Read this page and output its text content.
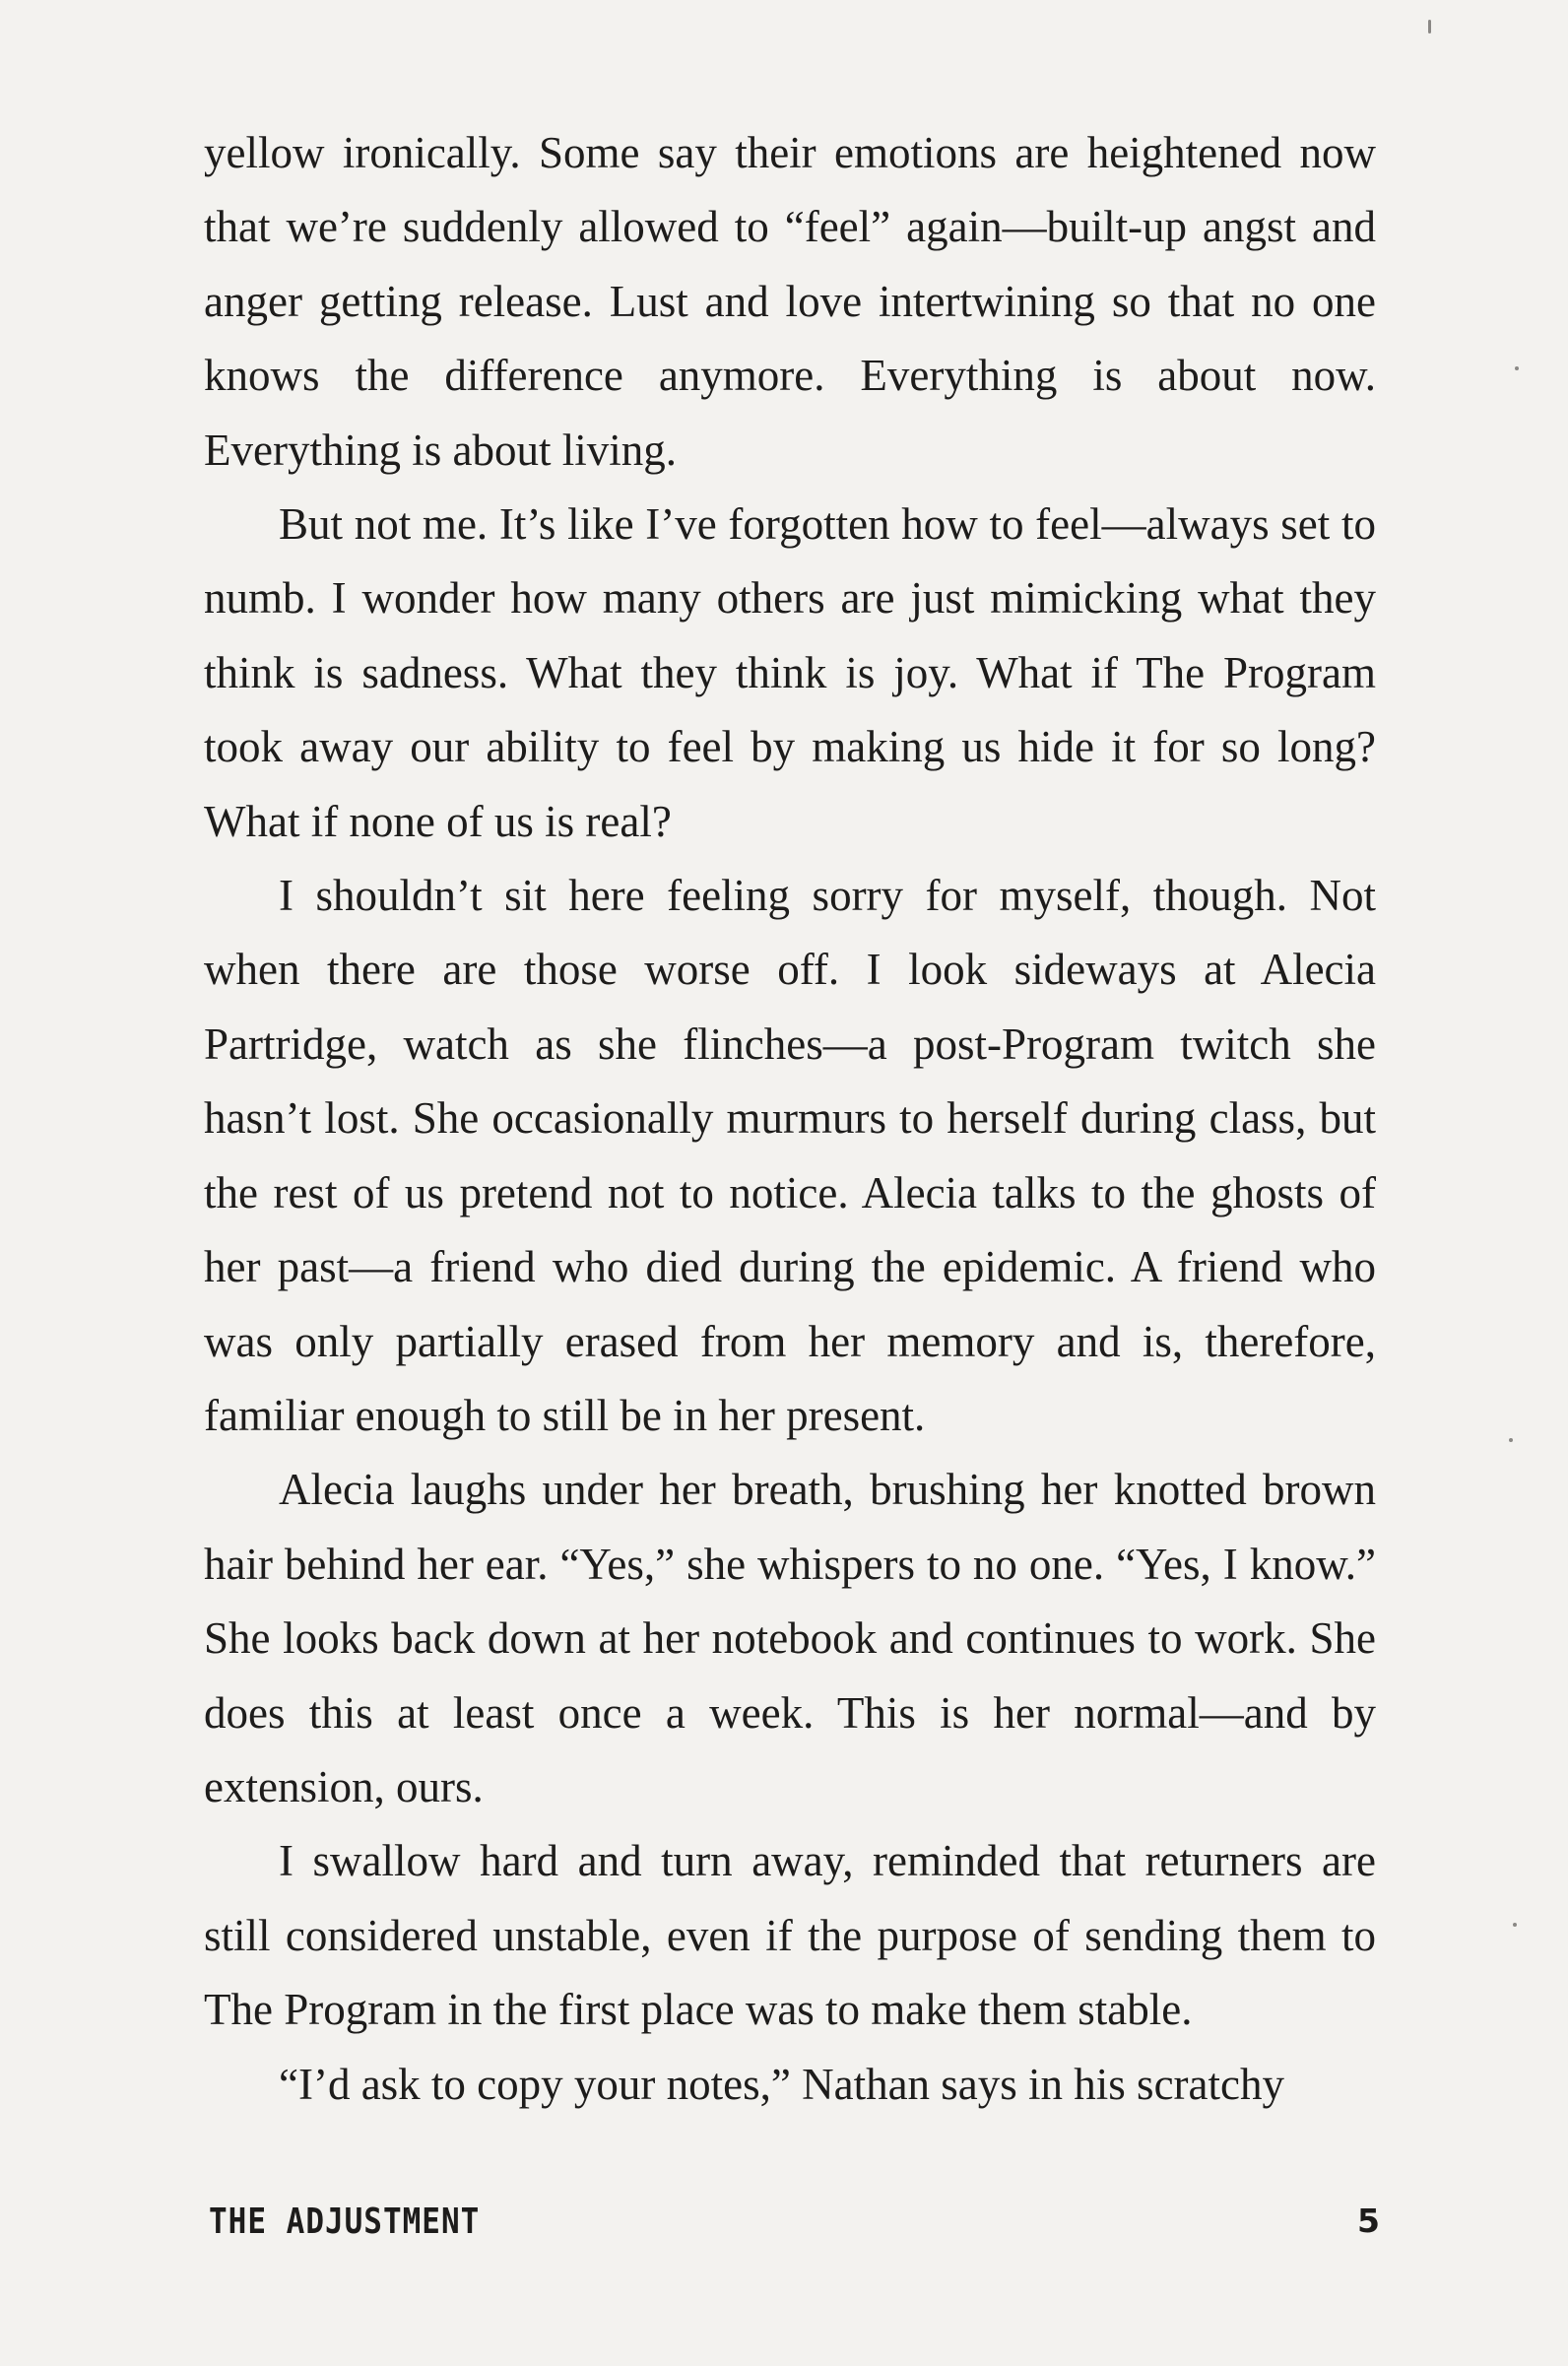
yellow ironically. Some say their emotions are heightened now that we’re suddenly allowed to “feel” again—built-up angst and anger getting release. Lust and love intertwining so that no one knows the difference anymore. Everything is about now. Everything is about living.

But not me. It’s like I’ve forgotten how to feel—always set to numb. I wonder how many others are just mimicking what they think is sadness. What they think is joy. What if The Program took away our ability to feel by making us hide it for so long? What if none of us is real?

I shouldn’t sit here feeling sorry for myself, though. Not when there are those worse off. I look sideways at Alecia Partridge, watch as she flinches—a post-Program twitch she hasn’t lost. She occasionally murmurs to herself during class, but the rest of us pretend not to notice. Alecia talks to the ghosts of her past—a friend who died during the epidemic. A friend who was only partially erased from her memory and is, therefore, familiar enough to still be in her present.

Alecia laughs under her breath, brushing her knotted brown hair behind her ear. “Yes,” she whispers to no one. “Yes, I know.” She looks back down at her notebook and continues to work. She does this at least once a week. This is her normal—and by extension, ours.

I swallow hard and turn away, reminded that returners are still considered unstable, even if the purpose of sending them to The Program in the first place was to make them stable.

“I’d ask to copy your notes,” Nathan says in his scratchy

THE ADJUSTMENT	5
